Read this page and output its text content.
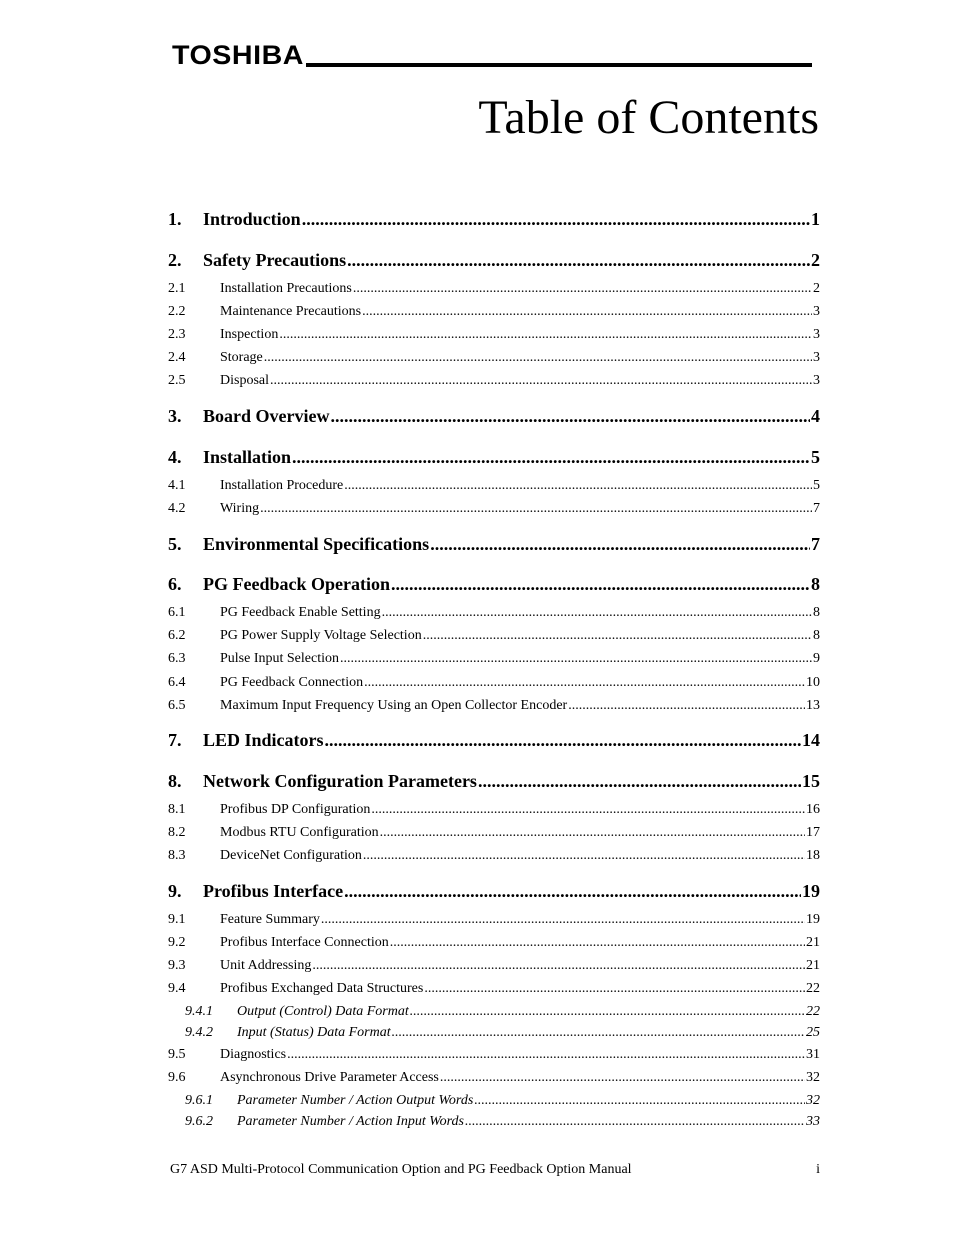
TOSHIBA
Table of Contents
1.	Introduction .....	1
2.	Safety Precautions .....	2
2.1	Installation Precautions .....	2
2.2	Maintenance Precautions .....	3
2.3	Inspection .....	3
2.4	Storage .....	3
2.5	Disposal .....	3
3.	Board Overview .....	4
4.	Installation .....	5
4.1	Installation Procedure .....	5
4.2	Wiring .....	7
5.	Environmental Specifications .....	7
6.	PG Feedback Operation .....	8
6.1	PG Feedback Enable Setting .....	8
6.2	PG Power Supply Voltage Selection .....	8
6.3	Pulse Input Selection .....	9
6.4	PG Feedback Connection .....	10
6.5	Maximum Input Frequency Using an Open Collector Encoder .....	13
7.	LED Indicators .....	14
8.	Network Configuration Parameters .....	15
8.1	Profibus DP Configuration .....	16
8.2	Modbus RTU Configuration .....	17
8.3	DeviceNet Configuration .....	18
9.	Profibus Interface .....	19
9.1	Feature Summary .....	19
9.2	Profibus Interface Connection .....	21
9.3	Unit Addressing .....	21
9.4	Profibus Exchanged Data Structures .....	22
9.4.1	Output (Control) Data Format .....	22
9.4.2	Input (Status) Data Format .....	25
9.5	Diagnostics .....	31
9.6	Asynchronous Drive Parameter Access .....	32
9.6.1	Parameter Number / Action Output Words .....	32
9.6.2	Parameter Number / Action Input Words .....	33
G7 ASD Multi-Protocol Communication Option and PG Feedback Option Manual	i
